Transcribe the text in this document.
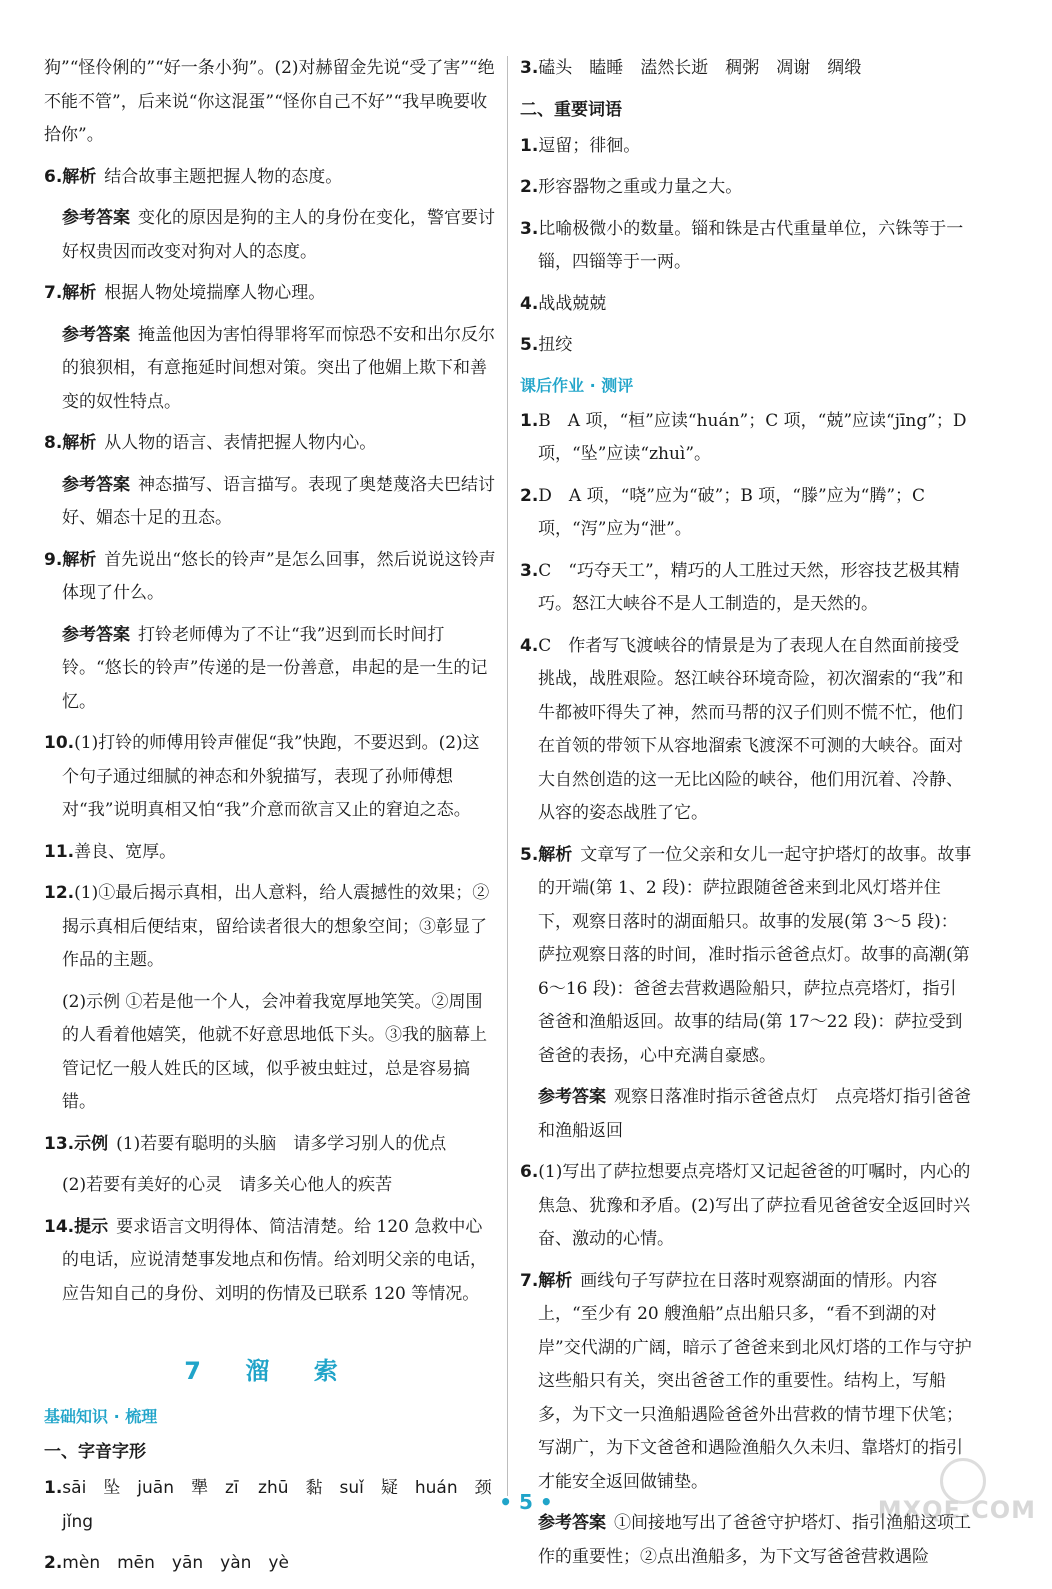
狗”“怪伶俐的”“好一条小狗”。(2)对赫留金先说“受了害”“绝不能不管”，后来说“你这混蛋”“怪你自己不好”“我早晚要收拾你”。
6.解析 结合故事主题把握人物的态度。
参考答案 变化的原因是狗的主人的身份在变化，警官要讨好权贵因而改变对狗对人的态度。
7.解析 根据人物处境揣摩人物心理。
参考答案 掩盖他因为害怕得罪将军而惊恐不安和出尔反尔的狼狈相，有意拖延时间想对策。突出了他媚上欺下和善变的奴性特点。
8.解析 从人物的语言、表情把握人物内心。
参考答案 神态描写、语言描写。表现了奥楚蔑洛夫巴结讨好、媚态十足的丑态。
9.解析 首先说出“悠长的铃声”是怎么回事，然后说说这铃声体现了什么。
参考答案 打铃老师傅为了不让“我”迟到而长时间打铃。“悠长的铃声”传递的是一份善意，串起的是一生的记忆。
10.(1)打铃的师傅用铃声催促“我”快跑，不要迟到。(2)这个句子通过细腻的神态和外貌描写，表现了孙师傅想对“我”说明真相又怕“我”介意而欲言又止的窘迫之态。
11.善良、宽厚。
12.(1)①最后揭示真相，出人意料，给人震撼性的效果；②揭示真相后便结束，留给读者很大的想象空间；③彰显了作品的主题。
(2)示例 ①若是他一个人，会冲着我宽厚地笑笑。②周围的人看着他嬉笑，他就不好意思地低下头。③我的脑幕上管记忆一般人姓氏的区域，似乎被虫蛀过，总是容易搞错。
13.示例 (1)若要有聪明的头脑　请多学习别人的优点
(2)若要有美好的心灵　请多关心他人的疾苦
14.提示 要求语言文明得体、简洁清楚。给 120 急救中心的电话，应说清楚事发地点和伤情。给刘明父亲的电话，应告知自己的身份、刘明的伤情及已联系 120 等情况。
7 溜 索
基础知识 · 梳理
一、字音字形
1.sāi　坠　juān　犟　zī zhū　黏　suǐ　疑　huán　颈　jǐng
2.mèn　mēn　yān　yàn　yè
3.磕头　瞌睡　溘然长逝　稠粥　凋谢　绸缎
二、重要词语
1.逗留；徘徊。
2.形容器物之重或力量之大。
3.比喻极微小的数量。锱和铢是古代重量单位，六铢等于一锱，四锱等于一两。
4.战战兢兢
5.扭绞
课后作业 · 测评
1.B　A 项，“桓”应读“huán”；C 项，“兢”应读“jīng”；D 项，“坠”应读“zhuì”。
2.D　A 项，“哓”应为“破”；B 项，“滕”应为“腾”；C 项，“泻”应为“泄”。
3.C　“巧夺天工”，精巧的人工胜过天然，形容技艺极其精巧。怒江大峡谷不是人工制造的，是天然的。
4.C　作者写飞渡峡谷的情景是为了表现人在自然面前接受挑战，战胜艰险。怒江峡谷环境奇险，初次溜索的“我”和牛都被吓得失了神，然而马帮的汉子们则不慌不忙，他们在首领的带领下从容地溜索飞渡深不可测的大峡谷。面对大自然创造的这一无比凶险的峡谷，他们用沉着、冷静、从容的姿态战胜了它。
5.解析 文章写了一位父亲和女儿一起守护塔灯的故事。故事的开端(第 1、2 段)：萨拉跟随爸爸来到北风灯塔并住下，观察日落时的湖面船只。故事的发展(第 3～5 段)：萨拉观察日落的时间，准时指示爸爸点灯。故事的高潮(第 6～16 段)：爸爸去营救遇险船只，萨拉点亮塔灯，指引爸爸和渔船返回。故事的结局(第 17～22 段)：萨拉受到爸爸的表扬，心中充满自豪感。
参考答案 观察日落准时指示爸爸点灯　点亮塔灯指引爸爸和渔船返回
6.(1)写出了萨拉想要点亮塔灯又记起爸爸的叮嘱时，内心的焦急、犹豫和矛盾。(2)写出了萨拉看见爸爸安全返回时兴奋、激动的心情。
7.解析 画线句子写萨拉在日落时观察湖面的情形。内容上，“至少有 20 艘渔船”点出船只多，“看不到湖的对岸”交代湖的广阔，暗示了爸爸来到北风灯塔的工作与守护这些船只有关，突出爸爸工作的重要性。结构上，写船多，为下文一只渔船遇险爸爸外出营救的情节埋下伏笔；写湖广，为下文爸爸和遇险渔船久久未归、靠塔灯的指引才能安全返回做铺垫。
参考答案 ①间接地写出了爸爸守护塔灯、指引渔船这项工作的重要性；②点出渔船多，为下文写爸爸营救遇险
• 5 •	MXQE.COM
